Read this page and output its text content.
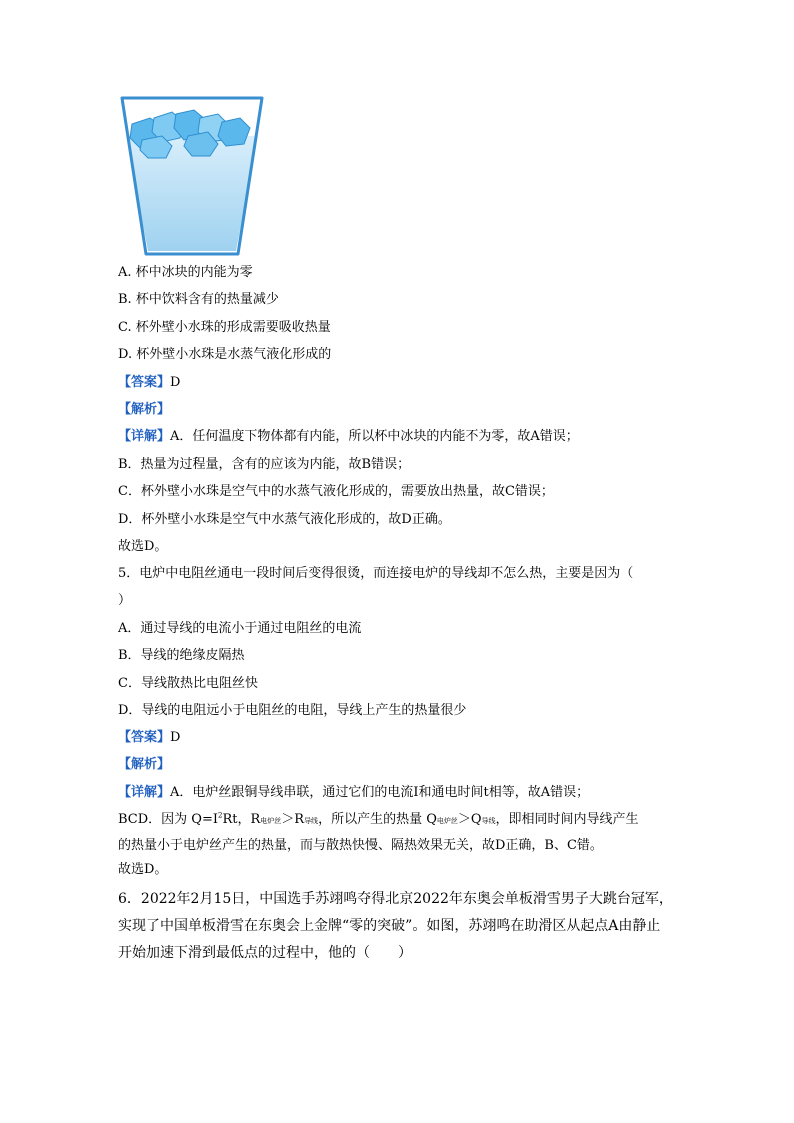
A. 杯中冰块的内能为零
B. 杯中饮料含有的热量减少
C. 杯外壁小水珠的形成需要吸收热量
D. 杯外壁小水珠是水蒸气液化形成的
【答案】D
【解析】
【详解】A．任何温度下物体都有内能，所以杯中冰块的内能不为零，故A错误；
B．热量为过程量，含有的应该为内能，故B错误；
C．杯外壁小水珠是空气中的水蒸气液化形成的，需要放出热量，故C错误；
D．杯外壁小水珠是空气中水蒸气液化形成的，故D正确。
故选D。
5．电炉中电阻丝通电一段时间后变得很烫，而连接电炉的导线却不怎么热，主要是因为（
）
A．通过导线的电流小于通过电阻丝的电流
B．导线的绝缘皮隔热
C．导线散热比电阻丝快
D．导线的电阻远小于电阻丝的电阻，导线上产生的热量很少
【答案】D
【解析】
【详解】A．电炉丝跟铜导线串联，通过它们的电流I和通电时间t相等，故A错误；
BCD．因为 $Q=I^2Rt$，R电炉丝＞R导线，所以产生的热量 Q电炉丝＞Q导线，即相同时间内导线产生
的热量小于电炉丝产生的热量，而与散热快慢、隔热效果无关，故D正确，B、C错。
故选D。
6．2022年2月15日，中国选手苏翊鸣夺得北京2022年东奥会单板滑雪男子大跳台冠军，
实现了中国单板滑雪在东奥会上金牌“零的突破”。如图，苏翊鸣在助滑区从起点A由静止
开始加速下滑到最低点的过程中，他的（　　）
